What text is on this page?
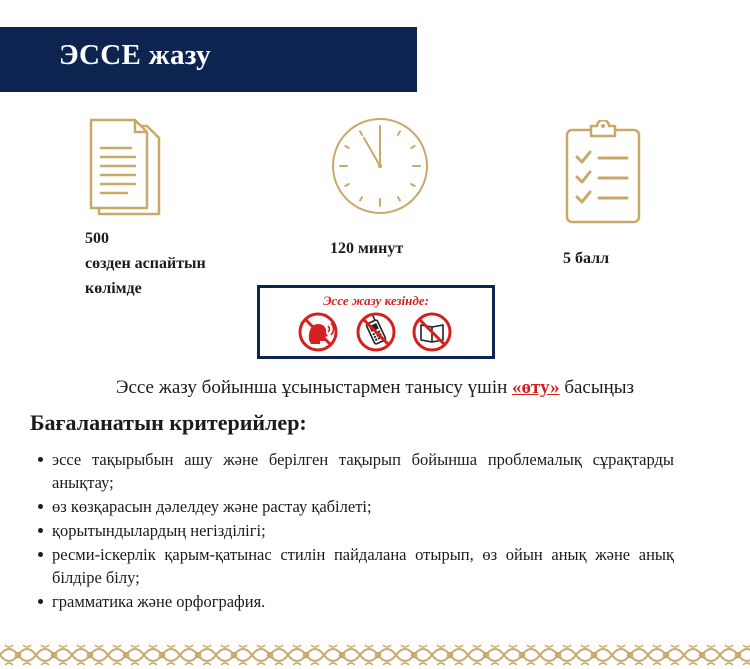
ЭССЕ жазу
500
сөзден аспайтын
көлімде
120 минут
5 балл
Эссе жазу кезінде:
Эссе жазу бойынша ұсыныстармен танысу үшін «өту» басыңыз
Бағаланатын критерийлер:
эссе тақырыбын ашу және берілген тақырып бойынша проблемалық сұрақтарды анықтау;
өз көзқарасын дәлелдеу және растау қабілеті;
қорытындылардың негізділігі;
ресми-іскерлік қарым-қатынас стилін пайдалана отырып, өз ойын анық және анық білдіре білу;
грамматика және орфография.
